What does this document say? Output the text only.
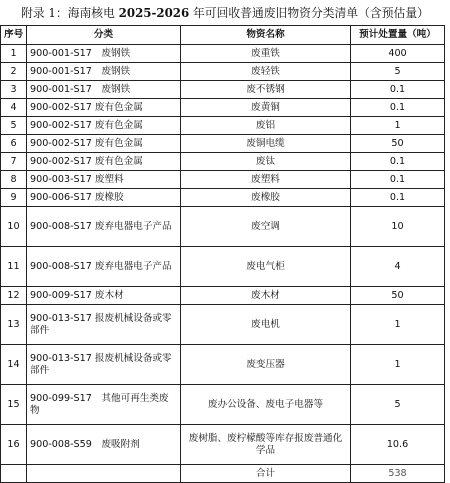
附录 1：海南核电 2025-2026 年可回收普通废旧物资分类清单（含预估量）
序号	分类	物资名称	预计处置量（吨）
1	900-001-S17　废钢铁	废重铁	400
2	900-001-S17　废钢铁	废轻铁	5
3	900-001-S17　废钢铁	废不锈钢	0.1
4	900-002-S17 废有色金属	废黄铜	0.1
5	900-002-S17 废有色金属	废铝	1
6	900-002-S17 废有色金属	废铜电缆	50
7	900-002-S17 废有色金属	废钛	0.1
8	900-003-S17 废塑料	废塑料	0.1
9	900-006-S17 废橡胶	废橡胶	0.1
10	900-008-S17 废弃电器电子产品	废空调	10
11	900-008-S17 废弃电器电子产品	废电气柜	4
12	900-009-S17 废木材	废木材	50
13	900-013-S17 报废机械设备或零部件	废电机	1
14	900-013-S17 报废机械设备或零部件	废变压器	1
15	900-099-S17　其他可再生类废物	废办公设备、废电子电器等	5
16	900-008-S59　废吸附剂	废树脂、废柠檬酸等库存报废普通化学品	10.6
		合计	538
